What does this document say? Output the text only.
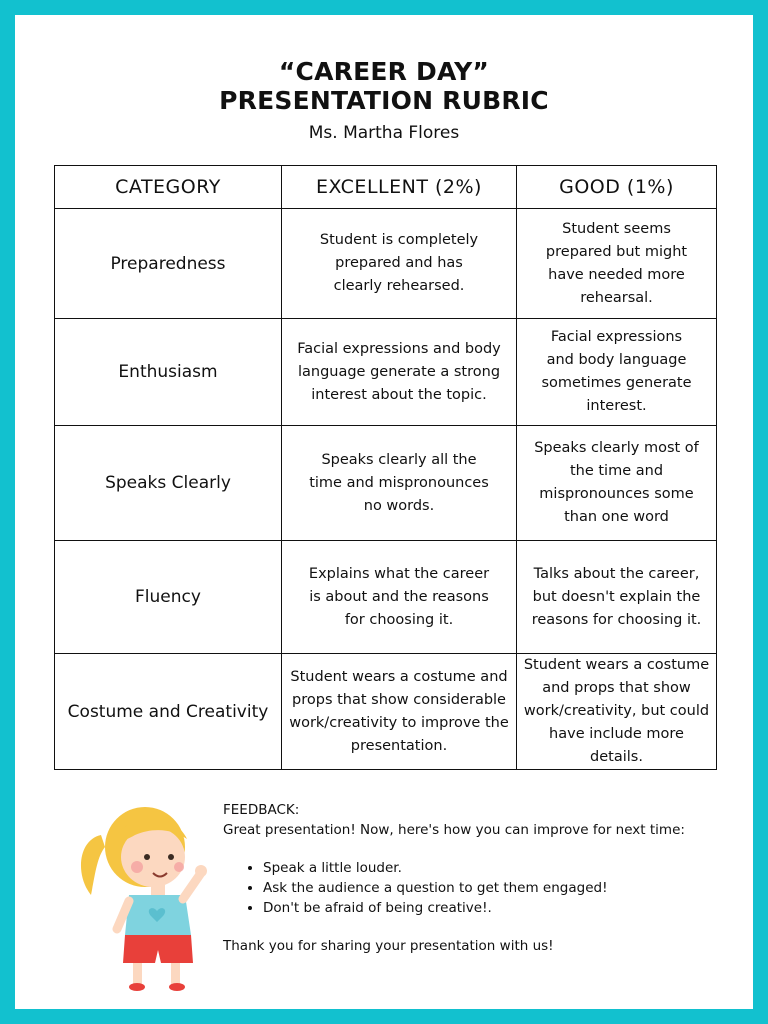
“CAREER DAY”
PRESENTATION RUBRIC
Ms. Martha Flores
CATEGORY	EXCELLENT (2%)	GOOD (1%)
Preparedness	Student is completely prepared and has clearly rehearsed.	Student seems prepared but might have needed more rehearsal.
Enthusiasm	Facial expressions and body language generate a strong interest about the topic.	Facial expressions and body language sometimes generate interest.
Speaks Clearly	Speaks clearly all the time and mispronounces no words.	Speaks clearly most of the time and mispronounces some than one word
Fluency	Explains what the career is about and the reasons for choosing it.	Talks about the career, but doesn't explain the reasons for choosing it.
Costume and Creativity	Student wears a costume and props that show considerable work/creativity to improve the presentation.	Student wears a costume and props that show work/creativity, but could have include more details.

FEEDBACK:

Great presentation! Now, here's how you can improve for next time:

• Speak a little louder.
• Ask the audience a question to get them engaged!
• Don't be afraid of being creative!.

Thank you for sharing your presentation with us!
